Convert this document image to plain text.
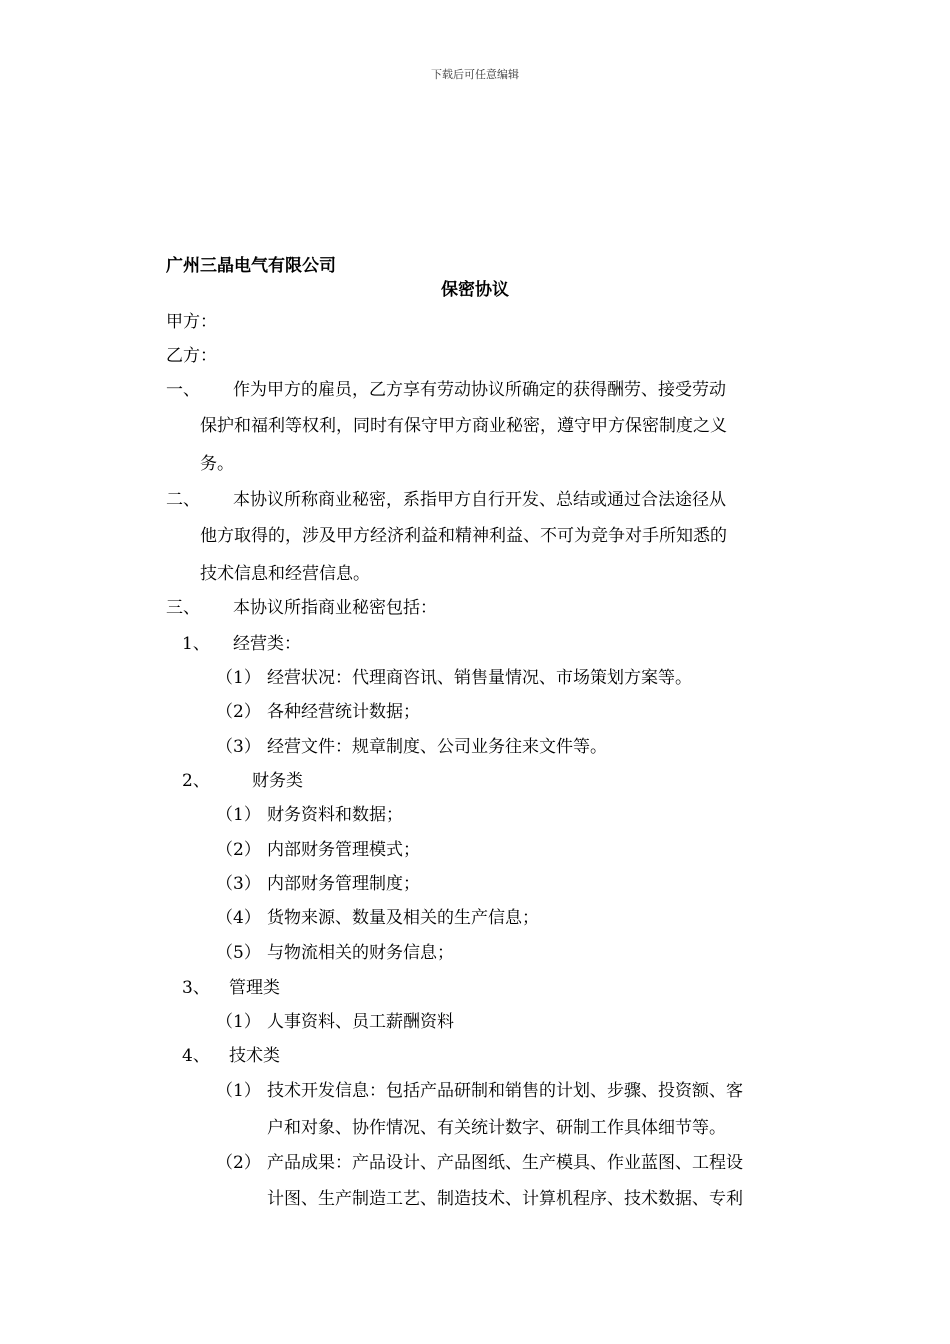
下载后可任意编辑
广州三晶电气有限公司
保密协议
甲方：
乙方：
一、 作为甲方的雇员，乙方享有劳动协议所确定的获得酬劳、接受劳动
保护和福利等权利，同时有保守甲方商业秘密，遵守甲方保密制度之义
务。
二、 本协议所称商业秘密，系指甲方自行开发、总结或通过合法途径从
他方取得的，涉及甲方经济利益和精神利益、不可为竞争对手所知悉的
技术信息和经营信息。
三、 本协议所指商业秘密包括：
1、 经营类：
（1） 经营状况：代理商咨讯、销售量情况、市场策划方案等。
（2） 各种经营统计数据；
（3） 经营文件：规章制度、公司业务往来文件等。
2、 财务类
（1） 财务资料和数据；
（2） 内部财务管理模式；
（3） 内部财务管理制度；
（4） 货物来源、数量及相关的生产信息；
（5） 与物流相关的财务信息；
3、 管理类
（1） 人事资料、员工薪酬资料
4、 技术类
（1） 技术开发信息：包括产品研制和销售的计划、步骤、投资额、客
户和对象、协作情况、有关统计数字、研制工作具体细节等。
（2） 产品成果：产品设计、产品图纸、生产模具、作业蓝图、工程设
计图、生产制造工艺、制造技术、计算机程序、技术数据、专利
